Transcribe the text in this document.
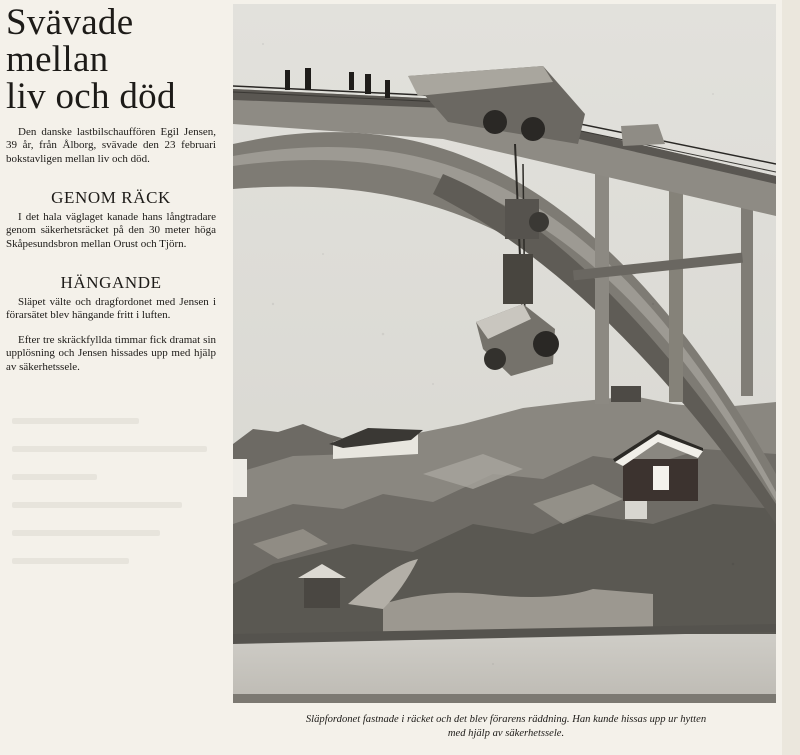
Svävade
mellan
liv och död

Den danske lastbilschauffören Egil Jensen, 39 år, från Ålborg, svävade den 23 februari bokstavligen mellan liv och död.

GENOM RÄCK

I det hala väglaget kanade hans långtradare genom säkerhetsräcket på den 30 meter höga Skåpesundsbron mellan Orust och Tjörn.

HÄNGANDE

Släpet välte och dragfordonet med Jensen i förarsätet blev hängande fritt i luften.

Efter tre skräckfyllda timmar fick dramat sin upplösning och Jensen hissades upp med hjälp av säkerhetssele.

Släpfordonet fastnade i räcket och det blev förarens räddning. Han kunde hissas upp ur hytten
med hjälp av säkerhetssele.
